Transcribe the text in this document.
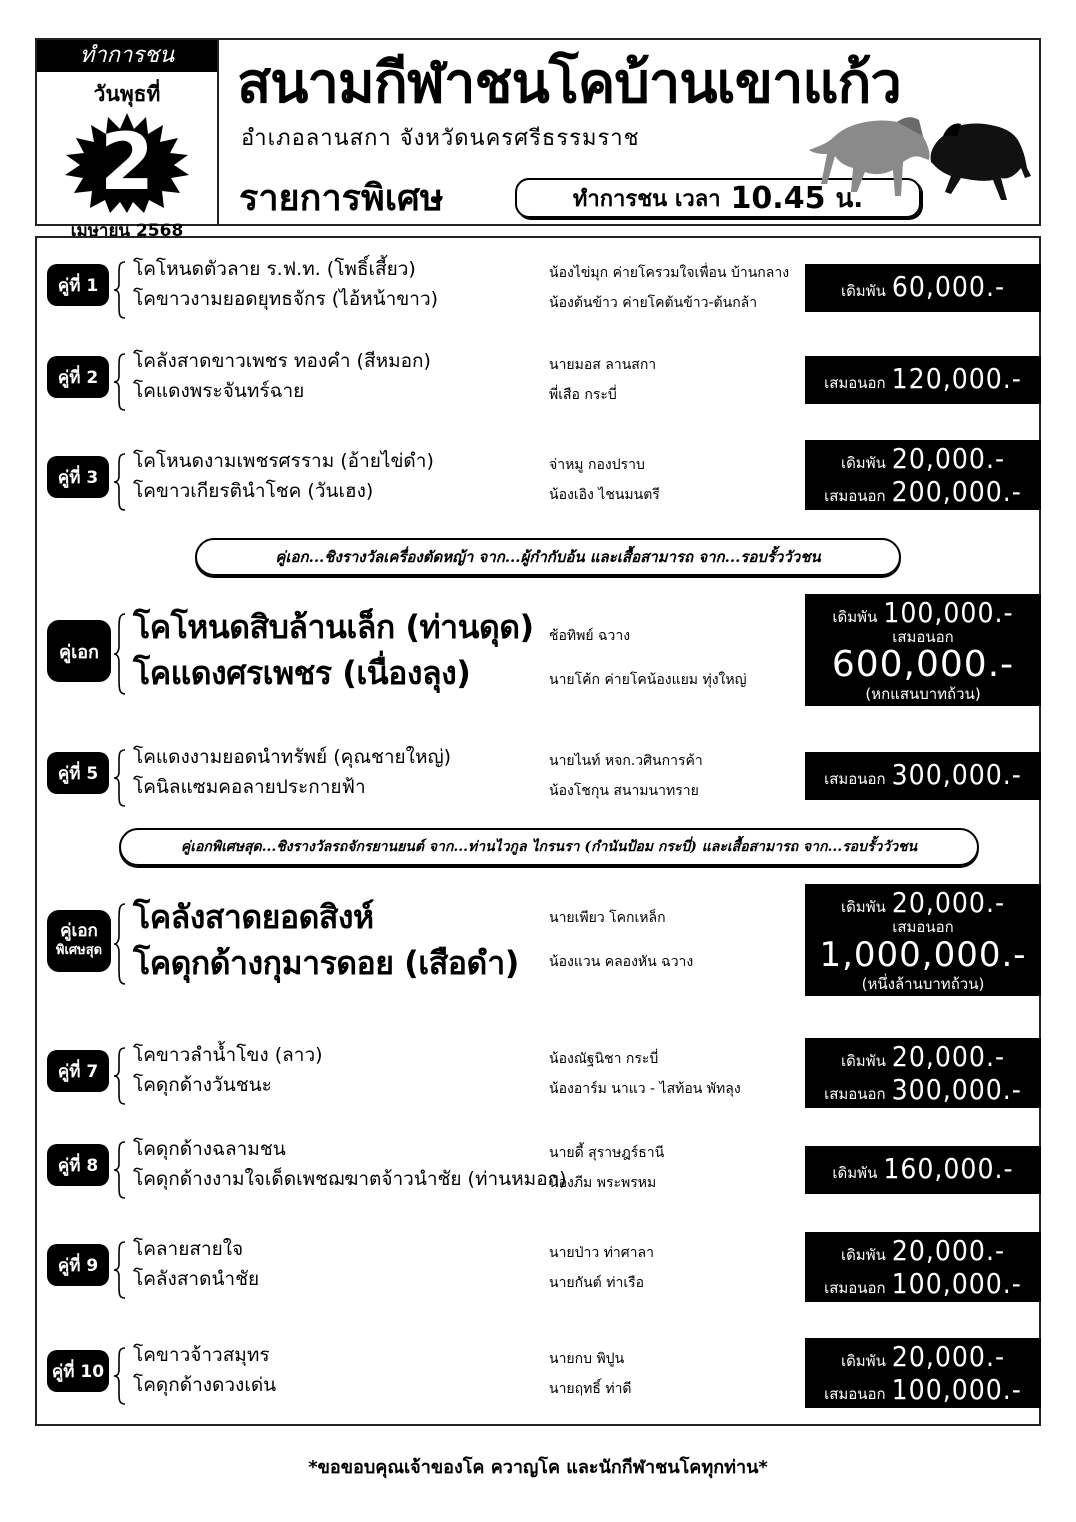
ทำการชน
วันพุธที่
2
เมษายน 2568
สนามกีฬาชนโคบ้านเขาแก้ว
อำเภอลานสกา จังหวัดนครศรีธรรมราช
รายการพิเศษ	ทำการชน เวลา 10.45 น.
คู่ที่ 1
โคโหนดตัวลาย ร.ฟ.ท. (โพธิ์เสี้ยว)
โคขาวงามยอดยุทธจักร (ไอ้หน้าขาว)
น้องไข่มุก ค่ายโครวมใจเพื่อน บ้านกลาง
น้องต้นข้าว ค่ายโคต้นข้าว-ต้นกล้า
เดิมพัน 60,000.-
คู่ที่ 2
โคลังสาดขาวเพชร ทองคำ (สีหมอก)
โคแดงพระจันทร์ฉาย
นายมอส ลานสกา
พี่เสือ กระบี่
เสมอนอก 120,000.-
คู่ที่ 3
โคโหนดงามเพชรศรราม (อ้ายไข่ดำ)
โคขาวเกียรตินำโชค (วันเฮง)
จ่าหมู กองปราบ
น้องเอิง ไชนมนตรี
เดิมพัน 20,000.-
เสมอนอก 200,000.-
คู่เอก...ชิงรางวัลเครื่องตัดหญ้า จาก...ผู้กำกับอ้น และเสื้อสามารถ จาก...รอบรั้ววัวชน
คู่เอก
โคโหนดสิบล้านเล็ก (ท่านดุด)
โคแดงศรเพชร (เนื่องลุง)
ช้อทิพย์ ฉวาง
นายโค้ก ค่ายโคน้องแยม ทุ่งใหญ่
เดิมพัน 100,000.-
เสมอนอก
600,000.-
(หกแสนบาทถ้วน)
คู่ที่ 5
โคแดงงามยอดนำทรัพย์ (คุณชายใหญ่)
โคนิลแซมคอลายประกายฟ้า
นายไนท์ หจก.วศินการค้า
น้องโชกุน สนามนาทราย
เสมอนอก 300,000.-
คู่เอกพิเศษสุด...ชิงรางวัลรถจักรยานยนต์ จาก...ท่านไวกูล ไกรนรา (กำนันป้อม กระบี่) และเสื้อสามารถ จาก...รอบรั้ววัวชน
คู่เอก
พิเศษสุด
โคลังสาดยอดสิงห์
โคดุกด้างกุมารดอย (เสือดำ)
นายเพียว โคกเหล็ก
น้องแวน คลองหัน ฉวาง
เดิมพัน 20,000.-
เสมอนอก
1,000,000.-
(หนึ่งล้านบาทถ้วน)
คู่ที่ 7
โคขาวลำน้ำโขง (ลาว)
โคดุกด้างวันชนะ
น้องณัฐนิชา กระบี่
น้องอาร์ม นาแว - ไสท้อน พัทลุง
เดิมพัน 20,000.-
เสมอนอก 300,000.-
คู่ที่ 8
โคดุกด้างฉลามชน
โคดุกด้างงามใจเด็ดเพชฌฆาตจ้าวนำชัย (ท่านหมอก)
นายดี้ สุราษฎร์ธานี
น้องภีม พระพรหม
เดิมพัน 160,000.-
คู่ที่ 9
โคลายสายใจ
โคลังสาดนำชัย
นายป่าว ท่าศาลา
นายกันต์ ท่าเรือ
เดิมพัน 20,000.-
เสมอนอก 100,000.-
คู่ที่ 10
โคขาวจ้าวสมุทร
โคดุกด้างดวงเด่น
นายกบ พิปูน
นายฤทธิ์ ท่าดี
เดิมพัน 20,000.-
เสมอนอก 100,000.-
*ขอขอบคุณเจ้าของโค ควาญโค และนักกีฬาชนโคทุกท่าน*
